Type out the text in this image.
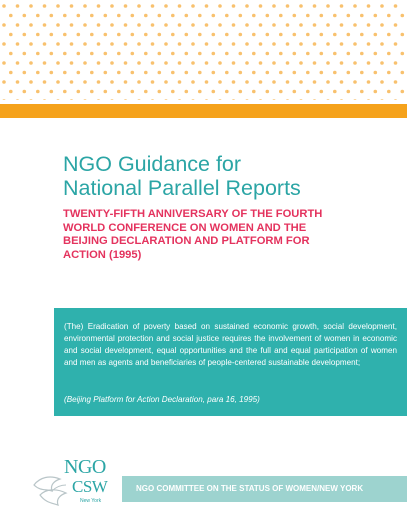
NGO Guidance for
National Parallel Reports
TWENTY-FIFTH ANNIVERSARY OF THE FOURTH
WORLD CONFERENCE ON WOMEN AND THE
BEIJING DECLARATION AND PLATFORM FOR
ACTION (1995)

(The) Eradication of poverty based on sustained economic growth, social development, environmental protection and social justice requires the involvement of women in economic and social development, equal opportunities and the full and equal participation of women and men as agents and beneficiaries of people-centered sustainable development;

(Beijing Platform for Action Declaration, para 16, 1995)

NGO
CSW
New York
NGO COMMITTEE ON THE STATUS OF WOMEN/NEW YORK
